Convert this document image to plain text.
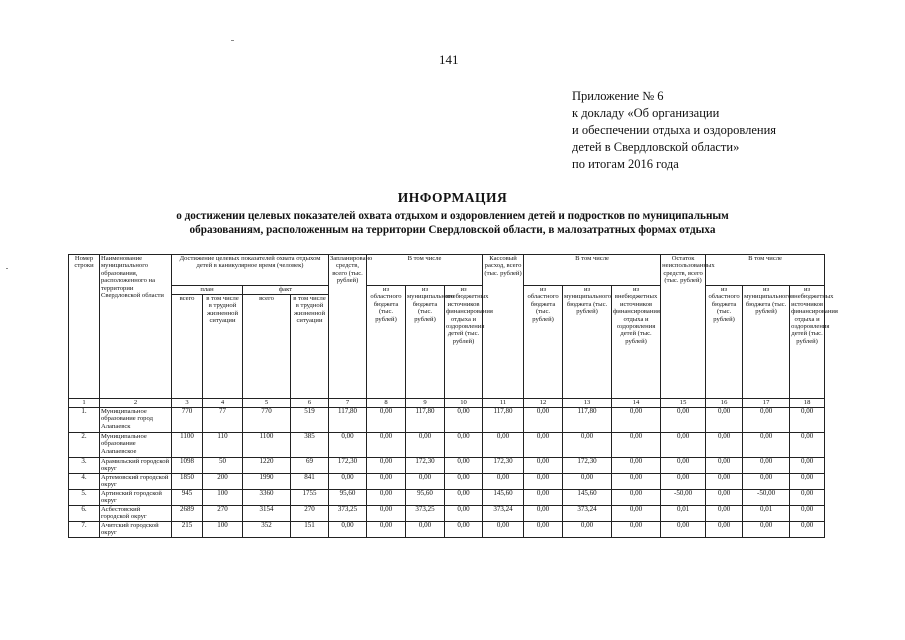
141
Приложение № 6
к докладу «Об организации
и обеспечении отдыха и оздоровления
детей в Свердловской области»
по итогам 2016 года
ИНФОРМАЦИЯ
о достижении целевых показателей охвата отдыхом и оздоровлением детей и подростков по муниципальным
образованиям, расположенным на территории Свердловской области, в малозатратных формах отдыха
Номер строки	Наименование муниципального образования, расположенного на территории Свердловской области	Достижение целевых показателей охвата отдыхом детей в каникулярное время (человек)				Запланировано средств, всего (тыс. рублей)	В том числе			Кассовый расход, всего (тыс. рублей)	В том числе			Остаток неиспользованных средств, всего (тыс. рублей)	В том числе		
		план		факт			из областного бюджета (тыс. рублей)	из муниципального бюджета (тыс. рублей)	из внебюджетных источников финансирования отдыха и оздоровления детей (тыс. рублей)		из областного бюджета (тыс. рублей)	из муниципального бюджета (тыс. рублей)	из внебюджетных источников финансирования отдыха и оздоровления детей (тыс. рублей)		из областного бюджета (тыс. рублей)	из муниципального бюджета (тыс. рублей)	из внебюджетных источников финансирования отдыха и оздоровления детей (тыс. рублей)
		всего	в том числе в трудной жизненной ситуации	всего	в том числе в трудной жизненной ситуации												
1	2	3	4	5	6	7	8	9	10	11	12	13	14	15	16	17	18
1.	Муниципальное образование город Алапаевск	770	77	770	519	117,80	0,00	117,80	0,00	117,80	0,00	117,80	0,00	0,00	0,00	0,00	0,00
2.	Муниципальное образование Алапаевское	1100	110	1100	385	0,00	0,00	0,00	0,00	0,00	0,00	0,00	0,00	0,00	0,00	0,00	0,00
3.	Арамильский городской округ	1098	50	1220	69	172,30	0,00	172,30	0,00	172,30	0,00	172,30	0,00	0,00	0,00	0,00	0,00
4.	Артемовский городской округ	1850	200	1990	841	0,00	0,00	0,00	0,00	0,00	0,00	0,00	0,00	0,00	0,00	0,00	0,00
5.	Артинский городской округ	945	100	3360	1755	95,60	0,00	95,60	0,00	145,60	0,00	145,60	0,00	-50,00	0,00	-50,00	0,00
6.	Асбестовский городской округ	2689	270	3154	270	373,25	0,00	373,25	0,00	373,24	0,00	373,24	0,00	0,01	0,00	0,01	0,00
7.	Ачитский городской округ	215	100	352	151	0,00	0,00	0,00	0,00	0,00	0,00	0,00	0,00	0,00	0,00	0,00	0,00
